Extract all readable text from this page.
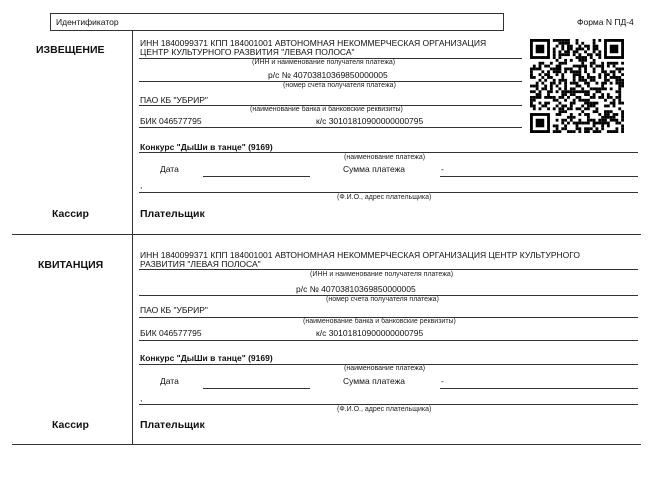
Идентификатор	Форма N ПД-4
ИЗВЕЩЕНИЕ
ИНН 1840099371 КПП 184001001 АВТОНОМНАЯ НЕКОММЕРЧЕСКАЯ ОРГАНИЗАЦИЯ
ЦЕНТР КУЛЬТУРНОГО РАЗВИТИЯ "ЛЕВАЯ ПОЛОСА"
(ИНН и наименование получателя платежа)
р/с № 40703810369850000005
(номер счета получателя платежа)
ПАО КБ "УБРИР"
(наименование банка и банковские реквизиты)
БИК 046577795	к/с 30101810900000000795
Конкурс "ДыШи в танце" (9169)
(наименование платежа)
Дата	Сумма платежа	-
,
(Ф.И.О., адрес плательщика)
Кассир	Плательщик
КВИТАНЦИЯ
ИНН 1840099371 КПП 184001001 АВТОНОМНАЯ НЕКОММЕРЧЕСКАЯ ОРГАНИЗАЦИЯ ЦЕНТР КУЛЬТУРНОГО
РАЗВИТИЯ "ЛЕВАЯ ПОЛОСА"
(ИНН и наименование получателя платежа)
р/с № 40703810369850000005
(номер счета получателя платежа)
ПАО КБ "УБРИР"
(наименование банка и банковские реквизиты)
БИК 046577795	к/с 30101810900000000795
Конкурс "ДыШи в танце" (9169)
(наименование платежа)
Дата	Сумма платежа	-
,
(Ф.И.О., адрес плательщика)
Кассир	Плательщик
